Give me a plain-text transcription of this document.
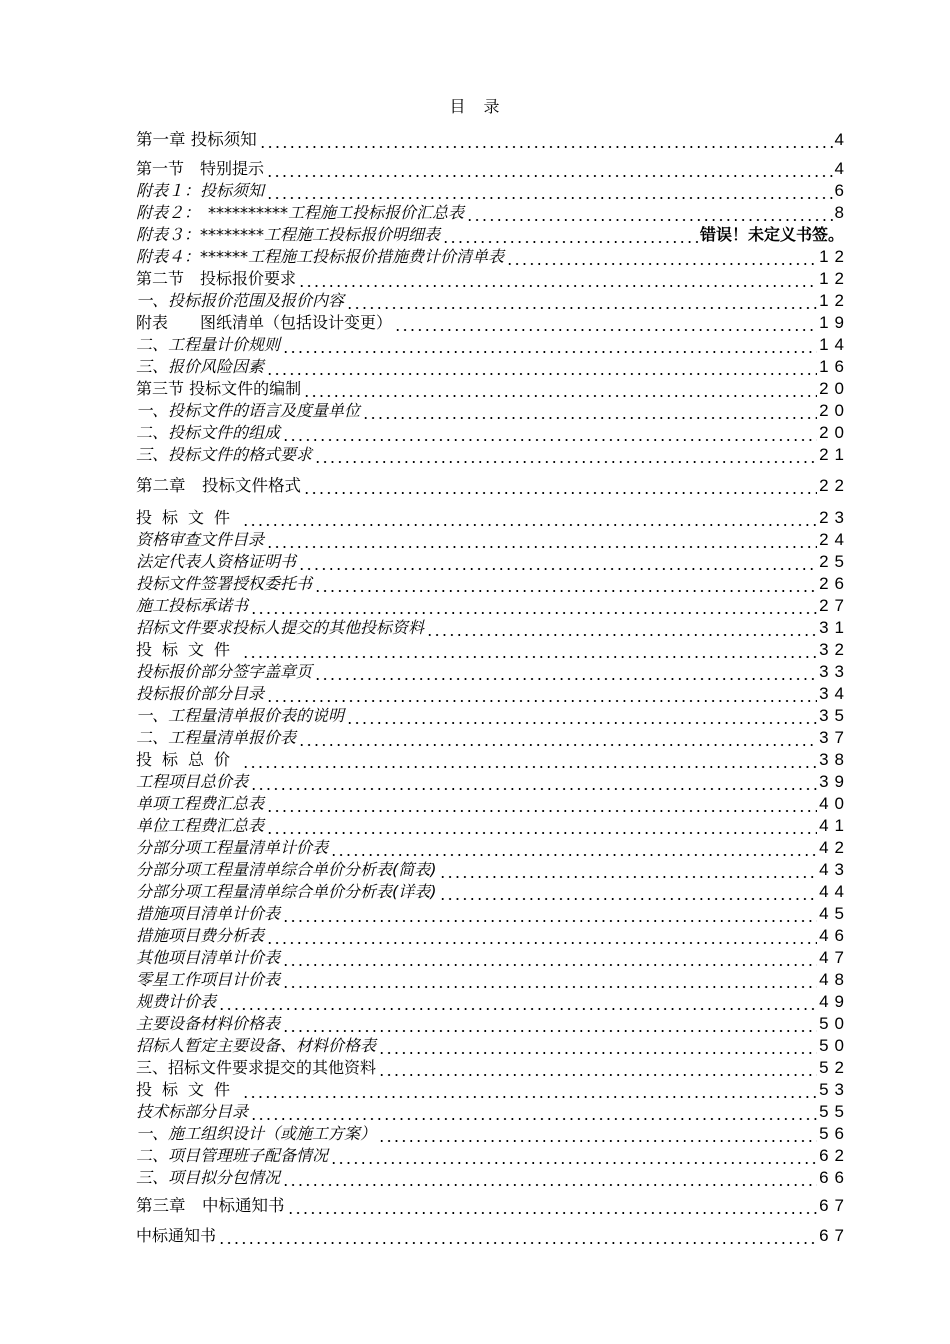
目　录
第一章 投标须知	4
第一节　特别提示	4
附表１：投标须知	6
附表２：　**********工程施工投标报价汇总表	8
附表３：********工程施工投标报价明细表	错误！未定义书签。
附表４：******工程施工投标报价措施费计价清单表	12
第二节　投标报价要求	12
一、投标报价范围及报价内容	12
附表　　图纸清单（包括设计变更）	19
二、工程量计价规则	14
三、报价风险因素	16
第三节 投标文件的编制	20
一、投标文件的语言及度量单位	20
二、投标文件的组成	20
三、投标文件的格式要求	21
第二章　投标文件格式	22
投标文件	23
资格审查文件目录	24
法定代表人资格证明书	25
投标文件签署授权委托书	26
施工投标承诺书	27
招标文件要求投标人提交的其他投标资料	31
投标文件	32
投标报价部分签字盖章页	33
投标报价部分目录	34
一、工程量清单报价表的说明	35
二、工程量清单报价表	37
投标总价	38
工程项目总价表	39
单项工程费汇总表	40
单位工程费汇总表	41
分部分项工程量清单计价表	42
分部分项工程量清单综合单价分析表(简表)	43
分部分项工程量清单综合单价分析表(详表)	44
措施项目清单计价表	45
措施项目费分析表	46
其他项目清单计价表	47
零星工作项目计价表	48
规费计价表	49
主要设备材料价格表	50
招标人暂定主要设备、材料价格表	50
三、招标文件要求提交的其他资料	52
投标文件	53
技术标部分目录	55
一、施工组织设计（或施工方案）	56
二、项目管理班子配备情况	62
三、项目拟分包情况	66
第三章　中标通知书	67
中标通知书	67
